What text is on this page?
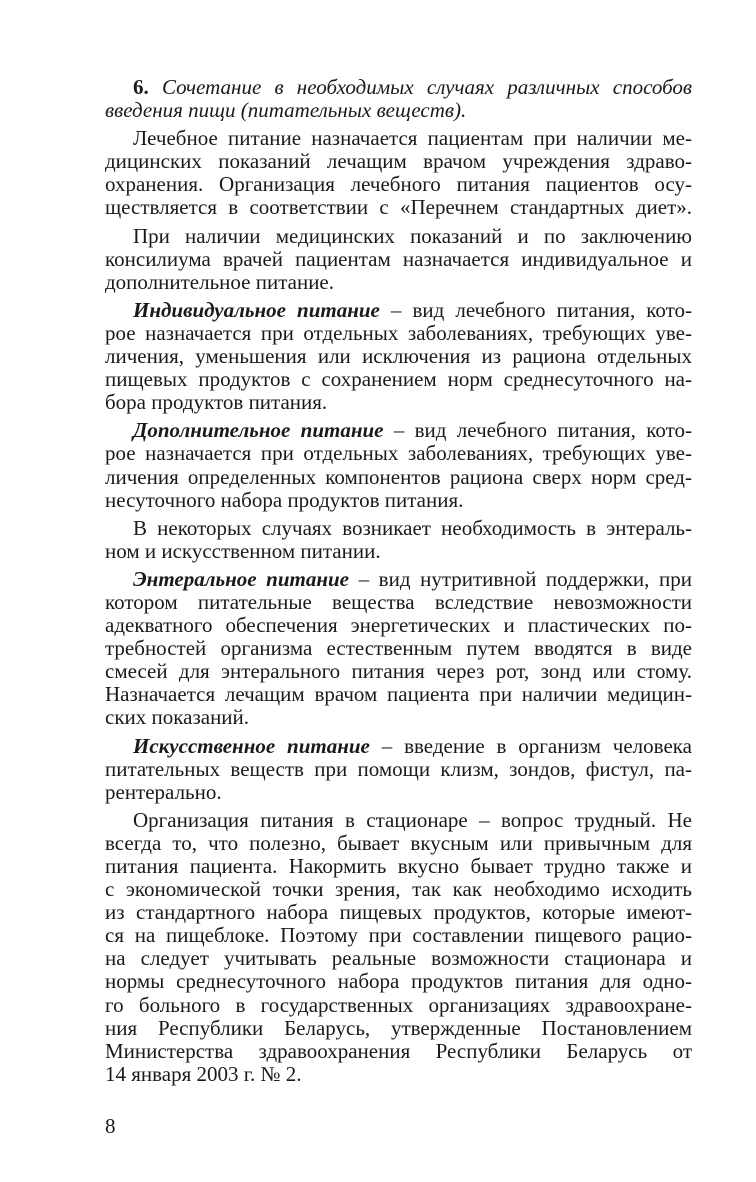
6. Сочетание в необходимых случаях различных способов
введения пищи (питательных веществ).
Лечебное питание назначается пациентам при наличии ме-
дицинских показаний лечащим врачом учреждения здраво-
охранения. Организация лечебного питания пациентов осу-
ществляется в соответствии с «Перечнем стандартных диет».
При наличии медицинских показаний и по заключению
консилиума врачей пациентам назначается индивидуальное и
дополнительное питание.
Индивидуальное питание – вид лечебного питания, кото-
рое назначается при отдельных заболеваниях, требующих уве-
личения, уменьшения или исключения из рациона отдельных
пищевых продуктов с сохранением норм среднесуточного на-
бора продуктов питания.
Дополнительное питание – вид лечебного питания, кото-
рое назначается при отдельных заболеваниях, требующих уве-
личения определенных компонентов рациона сверх норм сред-
несуточного набора продуктов питания.
В некоторых случаях возникает необходимость в энтераль-
ном и искусственном питании.
Энтеральное питание – вид нутритивной поддержки, при
котором питательные вещества вследствие невозможности
адекватного обеспечения энергетических и пластических по-
требностей организма естественным путем вводятся в виде
смесей для энтерального питания через рот, зонд или стому.
Назначается лечащим врачом пациента при наличии медицин-
ских показаний.
Искусственное питание – введение в организм человека
питательных веществ при помощи клизм, зондов, фистул, па-
рентерально.
Организация питания в стационаре – вопрос трудный. Не
всегда то, что полезно, бывает вкусным или привычным для
питания пациента. Накормить вкусно бывает трудно также и
с экономической точки зрения, так как необходимо исходить
из стандартного набора пищевых продуктов, которые имеют-
ся на пищеблоке. Поэтому при составлении пищевого рацио-
на следует учитывать реальные возможности стационара и
нормы среднесуточного набора продуктов питания для одно-
го больного в государственных организациях здравоохране-
ния Республики Беларусь, утвержденные Постановлением
Министерства здравоохранения Республики Беларусь от
14 января 2003 г. № 2.
8
